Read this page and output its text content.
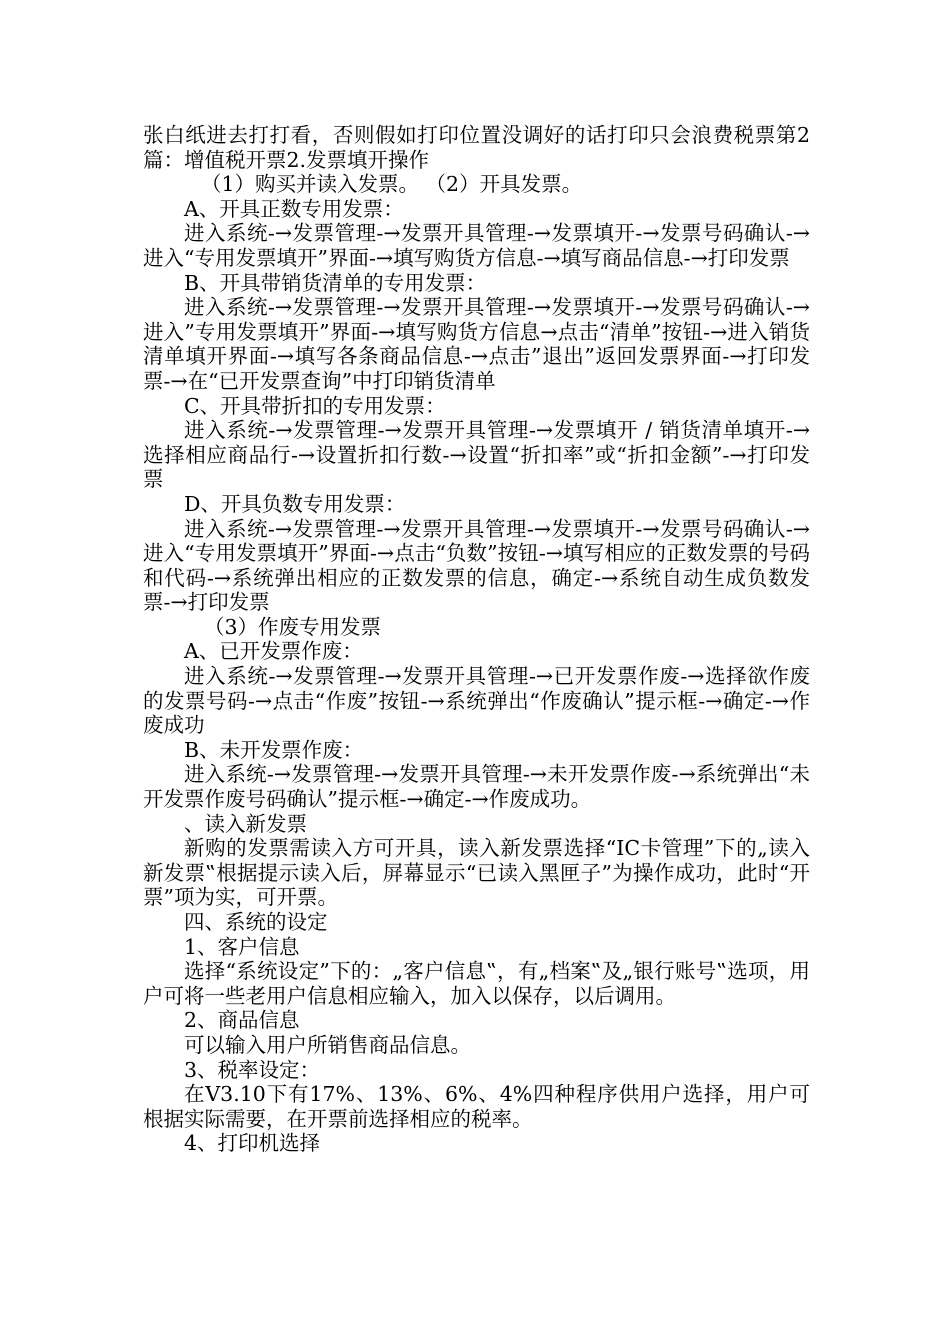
张白纸进去打打看，否则假如打印位置没调好的话打印只会浪费税票第2篇：增值税开票2.发票填开操作

（1）购买并读入发票。 （2）开具发票。

A、开具正数专用发票：

进入系统-→发票管理-→发票开具管理-→发票填开-→发票号码确认-→进入“专用发票填开”界面-→填写购货方信息-→填写商品信息-→打印发票

B、开具带销货清单的专用发票：

进入系统-→发票管理-→发票开具管理-→发票填开-→发票号码确认-→进入”专用发票填开”界面-→填写购货方信息→点击“清单”按钮-→进入销货清单填开界面-→填写各条商品信息-→点击”退出”返回发票界面-→打印发票-→在“已开发票查询”中打印销货清单

C、开具带折扣的专用发票：

进入系统-→发票管理-→发票开具管理-→发票填开 / 销货清单填开-→选择相应商品行-→设置折扣行数-→设置“折扣率”或“折扣金额”-→打印发票

D、开具负数专用发票：

进入系统-→发票管理-→发票开具管理-→发票填开-→发票号码确认-→进入“专用发票填开”界面-→点击“负数”按钮-→填写相应的正数发票的号码和代码-→系统弹出相应的正数发票的信息，确定-→系统自动生成负数发票-→打印发票

（3）作废专用发票

A、已开发票作废：

进入系统-→发票管理-→发票开具管理-→已开发票作废-→选择欲作废的发票号码-→点击“作废”按钮-→系统弹出“作废确认”提示框-→确定-→作废成功

B、未开发票作废：

进入系统-→发票管理-→发票开具管理-→未开发票作废-→系统弹出“未开发票作废号码确认”提示框-→确定-→作废成功。

、读入新发票

新购的发票需读入方可开具，读入新发票选择“IC卡管理”下的„读入新发票‟根据提示读入后，屏幕显示“已读入黑匣子”为操作成功，此时“开票”项为实，可开票。

四、系统的设定

1、客户信息

选择“系统设定”下的：„客户信息‟，有„档案‟及„银行账号‟选项，用户可将一些老用户信息相应输入，加入以保存，以后调用。

2、商品信息

可以输入用户所销售商品信息。

3、税率设定：

在V3.10下有17%、13%、6%、4%四种程序供用户选择，用户可根据实际需要，在开票前选择相应的税率。

4、打印机选择
